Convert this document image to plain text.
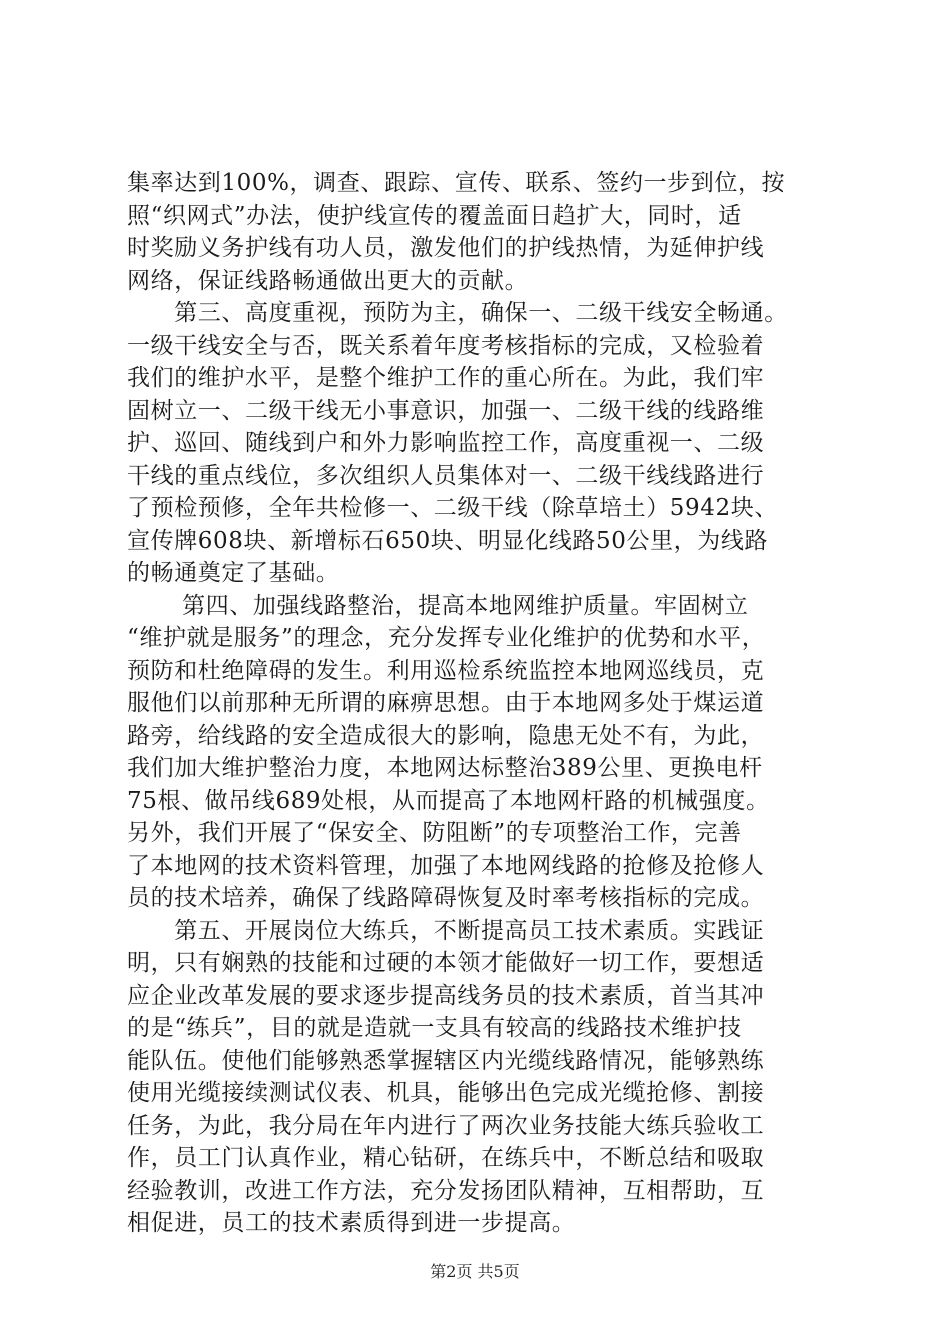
集率达到100%，调查、跟踪、宣传、联系、签约一步到位，按
照“织网式”办法，使护线宣传的覆盖面日趋扩大，同时，适
时奖励义务护线有功人员，激发他们的护线热情，为延伸护线
网络，保证线路畅通做出更大的贡献。
　　第三、高度重视，预防为主，确保一、二级干线安全畅通。
一级干线安全与否，既关系着年度考核指标的完成，又检验着
我们的维护水平，是整个维护工作的重心所在。为此，我们牢
固树立一、二级干线无小事意识，加强一、二级干线的线路维
护、巡回、随线到户和外力影响监控工作，高度重视一、二级
干线的重点线位，多次组织人员集体对一、二级干线线路进行
了预检预修，全年共检修一、二级干线（除草培土）5942块、
宣传牌608块、新增标石650块、明显化线路50公里，为线路
的畅通奠定了基础。
　　 第四、加强线路整治，提高本地网维护质量。牢固树立
“维护就是服务”的理念，充分发挥专业化维护的优势和水平，
预防和杜绝障碍的发生。利用巡检系统监控本地网巡线员，克
服他们以前那种无所谓的麻痹思想。由于本地网多处于煤运道
路旁，给线路的安全造成很大的影响，隐患无处不有，为此，
我们加大维护整治力度，本地网达标整治389公里、更换电杆
75根、做吊线689处根，从而提高了本地网杆路的机械强度。
另外，我们开展了“保安全、防阻断”的专项整治工作，完善
了本地网的技术资料管理，加强了本地网线路的抢修及抢修人
员的技术培养，确保了线路障碍恢复及时率考核指标的完成。
　　第五、开展岗位大练兵，不断提高员工技术素质。实践证
明，只有娴熟的技能和过硬的本领才能做好一切工作，要想适
应企业改革发展的要求逐步提高线务员的技术素质，首当其冲
的是“练兵”，目的就是造就一支具有较高的线路技术维护技
能队伍。使他们能够熟悉掌握辖区内光缆线路情况，能够熟练
使用光缆接续测试仪表、机具，能够出色完成光缆抢修、割接
任务，为此，我分局在年内进行了两次业务技能大练兵验收工
作，员工门认真作业，精心钻研，在练兵中，不断总结和吸取
经验教训，改进工作方法，充分发扬团队精神，互相帮助，互
相促进，员工的技术素质得到进一步提高。
第2页 共5页
